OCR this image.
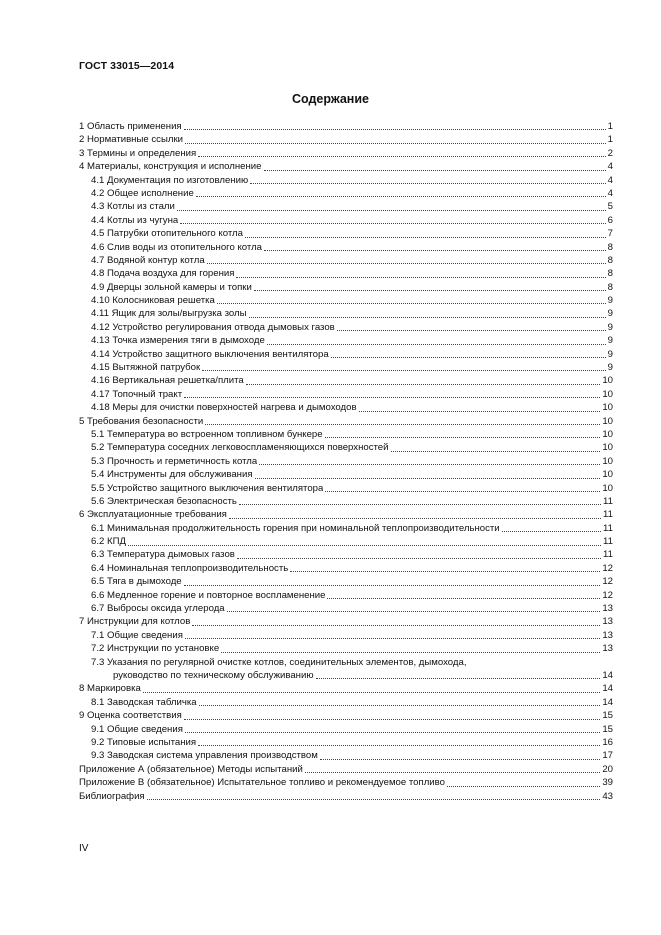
ГОСТ 33015—2014
Содержание
1 Область применения	1
2 Нормативные ссылки	1
3 Термины и определения	2
4 Материалы, конструкция и исполнение	4
4.1 Документация по изготовлению	4
4.2 Общее исполнение	4
4.3 Котлы из стали	5
4.4 Котлы из чугуна	6
4.5 Патрубки отопительного котла	7
4.6 Слив воды из отопительного котла	8
4.7 Водяной контур котла	8
4.8 Подача воздуха для горения	8
4.9 Дверцы зольной камеры и топки	8
4.10 Колосниковая решетка	9
4.11 Ящик для золы/выгрузка золы	9
4.12 Устройство регулирования отвода дымовых газов	9
4.13 Точка измерения тяги в дымоходе	9
4.14 Устройство защитного выключения вентилятора	9
4.15 Вытяжной патрубок	9
4.16 Вертикальная решетка/плита	10
4.17 Топочный тракт	10
4.18 Меры для очистки поверхностей нагрева и дымоходов	10
5 Требования безопасности	10
5.1 Температура во встроенном топливном бункере	10
5.2 Температура соседних легковоспламеняющихся поверхностей	10
5.3 Прочность и герметичность котла	10
5.4 Инструменты для обслуживания	10
5.5 Устройство защитного выключения вентилятора	10
5.6 Электрическая безопасность	11
6 Эксплуатационные требования	11
6.1 Минимальная продолжительность горения при номинальной теплопроизводительности	11
6.2 КПД	11
6.3 Температура дымовых газов	11
6.4 Номинальная теплопроизводительность	12
6.5 Тяга в дымоходе	12
6.6 Медленное горение и повторное воспламенение	12
6.7 Выбросы оксида углерода	13
7 Инструкции для котлов	13
7.1 Общие сведения	13
7.2 Инструкции по установке	13
7.3 Указания по регулярной очистке котлов, соединительных элементов, дымохода,
руководство по техническому обслуживанию	14
8 Маркировка	14
8.1 Заводская табличка	14
9 Оценка соответствия	15
9.1 Общие сведения	15
9.2 Типовые испытания	16
9.3 Заводская система управления производством	17
Приложение А (обязательное) Методы испытаний	20
Приложение В (обязательное) Испытательное топливо и рекомендуемое топливо	39
Библиография	43
IV
